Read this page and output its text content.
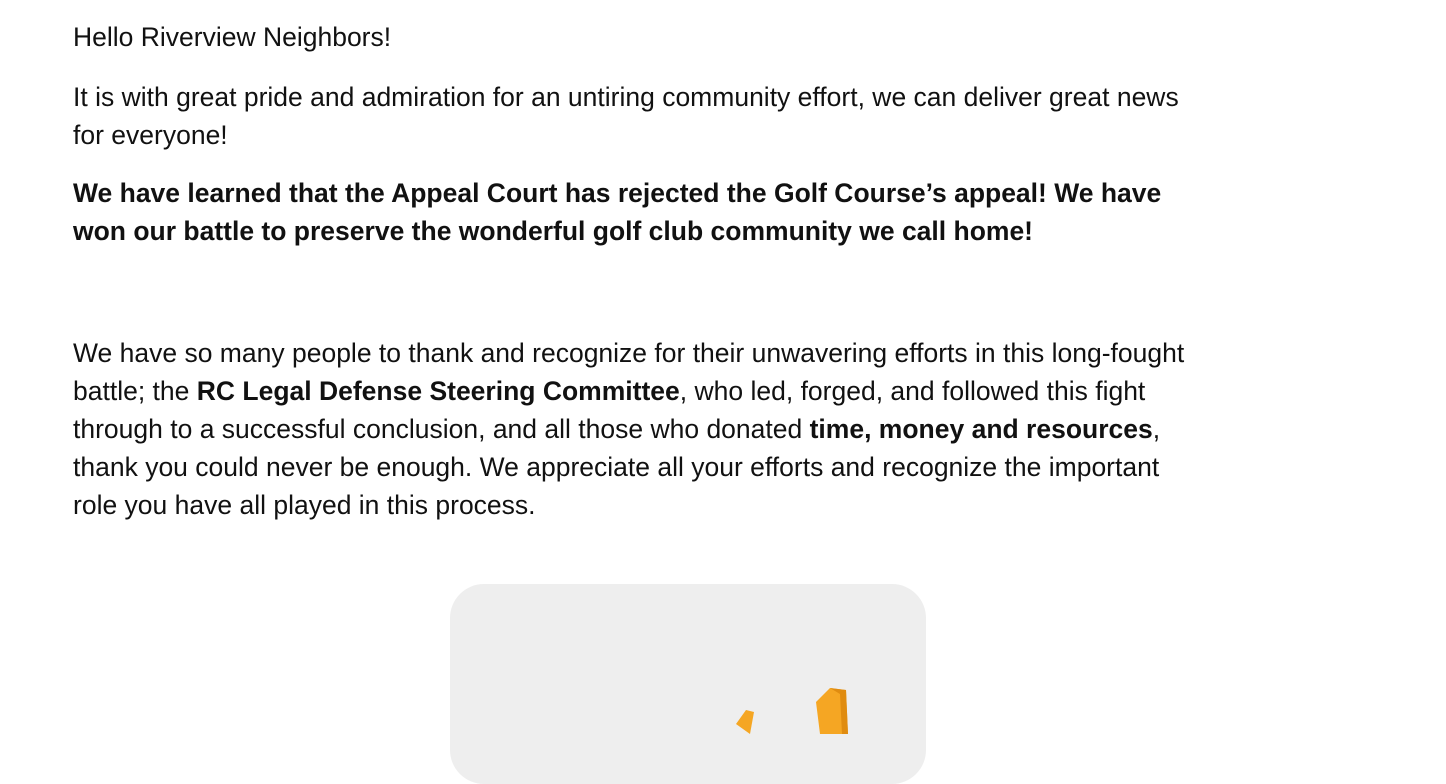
Hello Riverview Neighbors!

It is with great pride and admiration for an untiring community effort, we can deliver great news
for everyone!
We have learned that the Appeal Court has rejected the Golf Course’s appeal! We have
won our battle to preserve the wonderful golf club community we call home!
We have so many people to thank and recognize for their unwavering efforts in this long-fought
battle; the RC Legal Defense Steering Committee, who led, forged, and followed this fight
through to a successful conclusion, and all those who donated time, money and resources,
thank you could never be enough. We appreciate all your efforts and recognize the important
role you have all played in this process.
